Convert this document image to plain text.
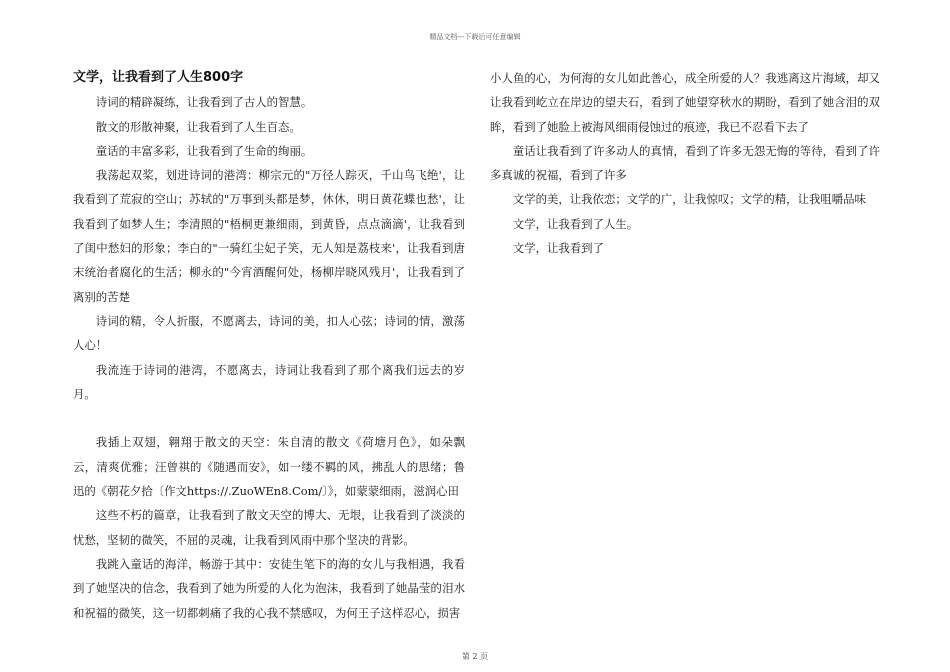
精品文档---下载后可任意编辑
文学，让我看到了人生800字

诗词的精辟凝练，让我看到了古人的智慧。

散文的形散神聚，让我看到了人生百态。

童话的丰富多彩，让我看到了生命的绚丽。

我荡起双桨，划进诗词的港湾：柳宗元的"万径人踪灭，千山鸟飞绝'，让我看到了荒寂的空山；苏轼的"万事到头都是梦，休休，明日黄花蝶也愁'，让我看到了如梦人生；李清照的"梧桐更兼细雨，到黄昏，点点滴滴'，让我看到了闺中愁妇的形象；李白的"一骑红尘妃子笑，无人知是荔枝来'，让我看到唐末统治者腐化的生活；柳永的"今宵酒醒何处，杨柳岸晓风残月'，让我看到了离别的苦楚

诗词的精，令人折服，不愿离去，诗词的美，扣人心弦；诗词的情，激荡人心！

我流连于诗词的港湾，不愿离去，诗词让我看到了那个离我们远去的岁月。

我插上双翅，翱翔于散文的天空：朱自清的散文《荷塘月色》，如朵飘云，清爽优雅；汪曾祺的《随遇而安》，如一缕不羁的风，拂乱人的思绪；鲁迅的《朝花夕拾〔作文https://.ZuoWEn8.Com/〕》，如蒙蒙细雨，滋润心田

这些不朽的篇章，让我看到了散文天空的博大、无垠，让我看到了淡淡的忧愁，坚韧的微笑，不屈的灵魂，让我看到风雨中那个坚决的背影。

我跳入童话的海洋，畅游于其中：安徒生笔下的海的女儿与我相遇，我看到了她坚决的信念，我看到了她为所爱的人化为泡沫，我看到了她晶莹的泪水和祝福的微笑，这一切都刺痛了我的心我不禁感叹，为何王子这样忍心，损害

小人鱼的心，为何海的女儿如此善心，成全所爱的人？我逃离这片海域，却又让我看到屹立在岸边的望夫石，看到了她望穿秋水的期盼，看到了她含泪的双眸，看到了她脸上被海风细雨侵蚀过的痕迹，我已不忍看下去了

童话让我看到了许多动人的真情，看到了许多无怨无悔的等待，看到了许多真诚的祝福，看到了许多

文学的美，让我依恋；文学的广，让我惊叹；文学的精，让我咀嚼品味

文学，让我看到了人生。

文学，让我看到了

第 2 页
